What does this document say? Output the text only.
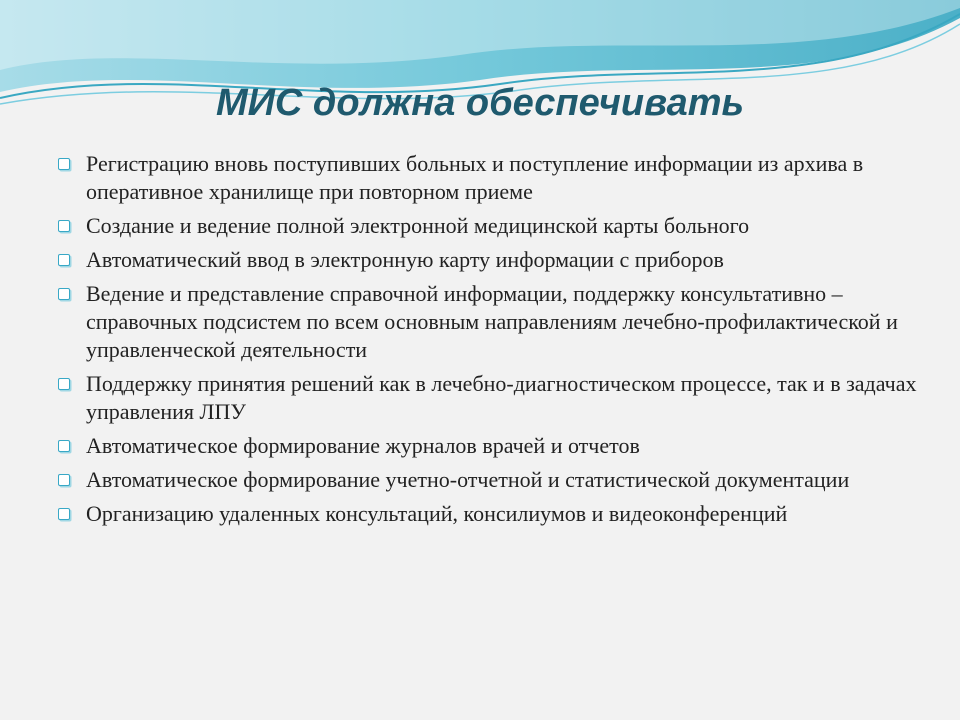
МИС должна обеспечивать
Регистрацию вновь поступивших больных и поступление информации из архива в оперативное хранилище при повторном приеме
Создание и ведение полной электронной медицинской карты больного
Автоматический ввод в электронную карту информации с приборов
Ведение и представление справочной информации, поддержку консультативно – справочных подсистем по всем основным направлениям лечебно-профилактической и управленческой деятельности
Поддержку принятия решений как в лечебно-диагностическом процессе, так и в задачах управления ЛПУ
Автоматическое формирование журналов врачей и отчетов
Автоматическое формирование учетно-отчетной и статистической документации
Организацию удаленных консультаций, консилиумов и видеоконференций
